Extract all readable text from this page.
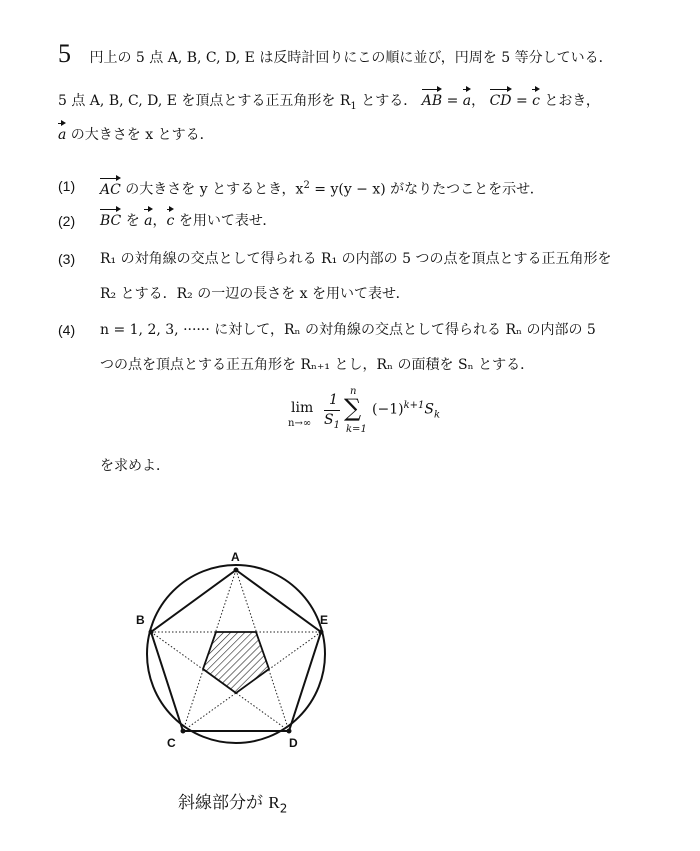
5 円上の 5 点 A, B, C, D, E は反時計回りにこの順に並び，円周を 5 等分している．
5 点 A, B, C, D, E を頂点とする正五角形を $R_1$ とする． AB = a， CD = c とおき，
a の大きさを x とする．
(1) AC の大きさを y とするとき，$x^2 = y(y - x)$ がなりたつことを示せ．
(2) BC を a，c を用いて表せ．
(3) R₁ の対角線の交点として得られる R₁ の内部の 5 つの点を頂点とする正五角形を
R₂ とする．R₂ の一辺の長さを x を用いて表せ．
(4) n = 1, 2, 3, ······ に対して，Rₙ の対角線の交点として得られる Rₙ の内部の 5
つの点を頂点とする正五角形を Rₙ₊₁ とし，Rₙ の面積を Sₙ とする．
lim
n→∞
1
$S_1$
n
∑
k=1
$(-1)^{k+1}S_k$
を求めよ．
A
B
C	D
E
斜線部分が $R_2$
